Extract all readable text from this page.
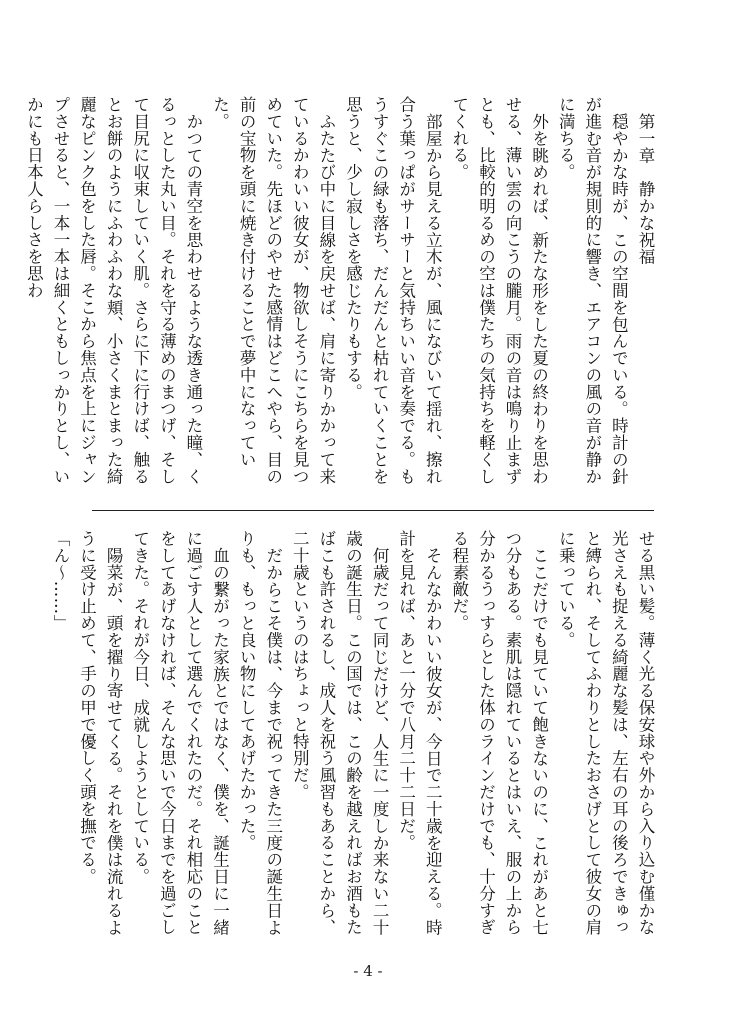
第一章　静かな祝福

穏やかな時が、この空間を包んでいる。時計の針が進む音が規則的に響き、エアコンの風の音が静かに満ちる。

外を眺めれば、新たな形をした夏の終わりを思わせる、薄い雲の向こうの朧月。雨の音は鳴り止まずとも、比較的明るめの空は僕たちの気持ちを軽くしてくれる。

部屋から見える立木が、風になびいて揺れ、擦れ合う葉っぱがサーサーと気持ちいい音を奏でる。もうすぐこの緑も落ち、だんだんと枯れていくことを思うと、少し寂しさを感じたりもする。

ふたたび中に目線を戻せば、肩に寄りかかって来ているかわいい彼女が、物欲しそうにこちらを見つめていた。先ほどのやせた感情はどこへやら、目の前の宝物を頭に焼き付けることで夢中になっていた。

かつての青空を思わせるような透き通った瞳、くるっとした丸い目。それを守る薄めのまつげ、そして目尻に収束していく肌。さらに下に行けば、触るとお餅のようにふわふわな頬、小さくまとまった綺麗なピンク色をした唇。そこから焦点を上にジャンプさせると、一本一本は細くともしっかりとし、いかにも日本人らしさを思わ

せる黒い髪。薄く光る保安球や外から入り込む僅かな光さえも捉える綺麗な髪は、左右の耳の後ろできゅっと縛られ、そしてふわりとしたおさげとして彼女の肩に乗っている。

ここだけでも見ていて飽きないのに、これがあと七つ分もある。素肌は隠れているとはいえ、服の上から分かるうっすらとした体のラインだけでも、十分すぎる程素敵だ。

そんなかわいい彼女が、今日で二十歳を迎える。時計を見れば、あと一分で八月二十二日だ。

何歳だって同じだけど、人生に一度しか来ない二十歳の誕生日。この国では、この齢を越えればお酒もたばこも許されるし、成人を祝う風習もあることから、二十歳というのはちょっと特別だ。

だからこそ僕は、今まで祝ってきた三度の誕生日よりも、もっと良い物にしてあげたかった。

血の繋がった家族とではなく、僕を、誕生日に一緒に過ごす人として選んでくれたのだ。それ相応のことをしてあげなければ、そんな思いで今日までを過ごしてきた。それが今日、成就しようとしている。

陽菜が、頭を擢り寄せてくる。それを僕は流れるように受け止めて、手の甲で優しく頭を撫でる。「ん〜……」

- 4 -
